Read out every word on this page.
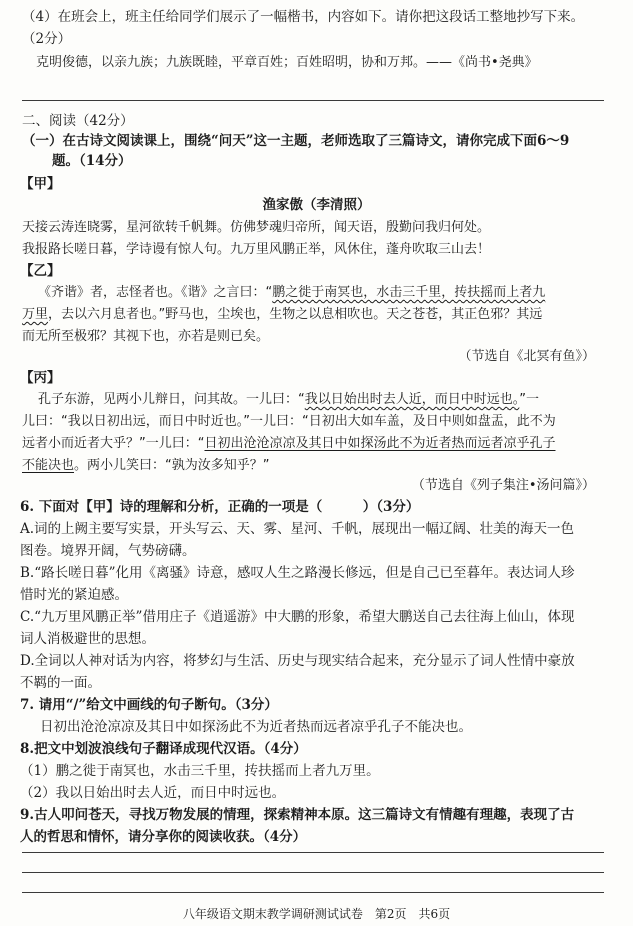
（4）在班会上，班主任给同学们展示了一幅楷书，内容如下。请你把这段话工整地抄写下来。
（2分）
克明俊德，以亲九族；九族既睦，平章百姓；百姓昭明，协和万邦。——《尚书•尧典》
二、阅读（42分）
（一）在古诗文阅读课上，围绕“问天”这一主题，老师选取了三篇诗文，请你完成下面6～9
题。（14分）
【甲】
渔家傲（李清照）
天接云涛连晓雾，星河欲转千帆舞。仿佛梦魂归帝所，闻天语，殷勤问我归何处。
我报路长嗟日暮，学诗谩有惊人句。九万里风鹏正举，风休住，蓬舟吹取三山去！
【乙】
《齐谐》者，志怪者也。《谐》之言曰：“鹏之徙于南冥也，水击三千里，抟扶摇而上者九
万里，去以六月息者也。”野马也，尘埃也，生物之以息相吹也。天之苍苍，其正色邪？其远
而无所至极邪？其视下也，亦若是则已矣。
（节选自《北冥有鱼》）
【丙】
孔子东游，见两小儿辩日，问其故。一儿曰：“我以日始出时去人近，而日中时远也。”一
儿曰：“我以日初出远，而日中时近也。”一儿曰：“日初出大如车盖，及日中则如盘盂，此不为
远者小而近者大乎？”一儿曰：“日初出沧沧凉凉及其日中如探汤此不为近者热而远者凉乎孔子
不能决也。两小儿笑曰：“孰为汝多知乎？”
（节选自《列子集注•汤问篇》）
6. 下面对【甲】诗的理解和分析，正确的一项是（　　　）（3分）
A.词的上阙主要写实景，开头写云、天、雾、星河、千帆，展现出一幅辽阔、壮美的海天一色
图卷。境界开阔，气势磅礴。
B.“路长嗟日暮”化用《离骚》诗意，感叹人生之路漫长修远，但是自己已至暮年。表达词人珍
惜时光的紧迫感。
C.“九万里风鹏正举”借用庄子《逍遥游》中大鹏的形象，希望大鹏送自己去往海上仙山，体现
词人消极避世的思想。
D.全词以人神对话为内容，将梦幻与生活、历史与现实结合起来，充分显示了词人性情中豪放
不羁的一面。
7. 请用“/”给文中画线的句子断句。（3分）
日初出沧沧凉凉及其日中如探汤此不为近者热而远者凉乎孔子不能决也。
8.把文中划波浪线句子翻译成现代汉语。（4分）
（1）鹏之徙于南冥也，水击三千里，抟扶摇而上者九万里。
（2）我以日始出时去人近，而日中时远也。
9.古人叩问苍天，寻找万物发展的情理，探索精神本原。这三篇诗文有情趣有理趣，表现了古
人的哲思和情怀，请分享你的阅读收获。（4分）
八年级语文期末教学调研测试试卷　第2页　共6页
